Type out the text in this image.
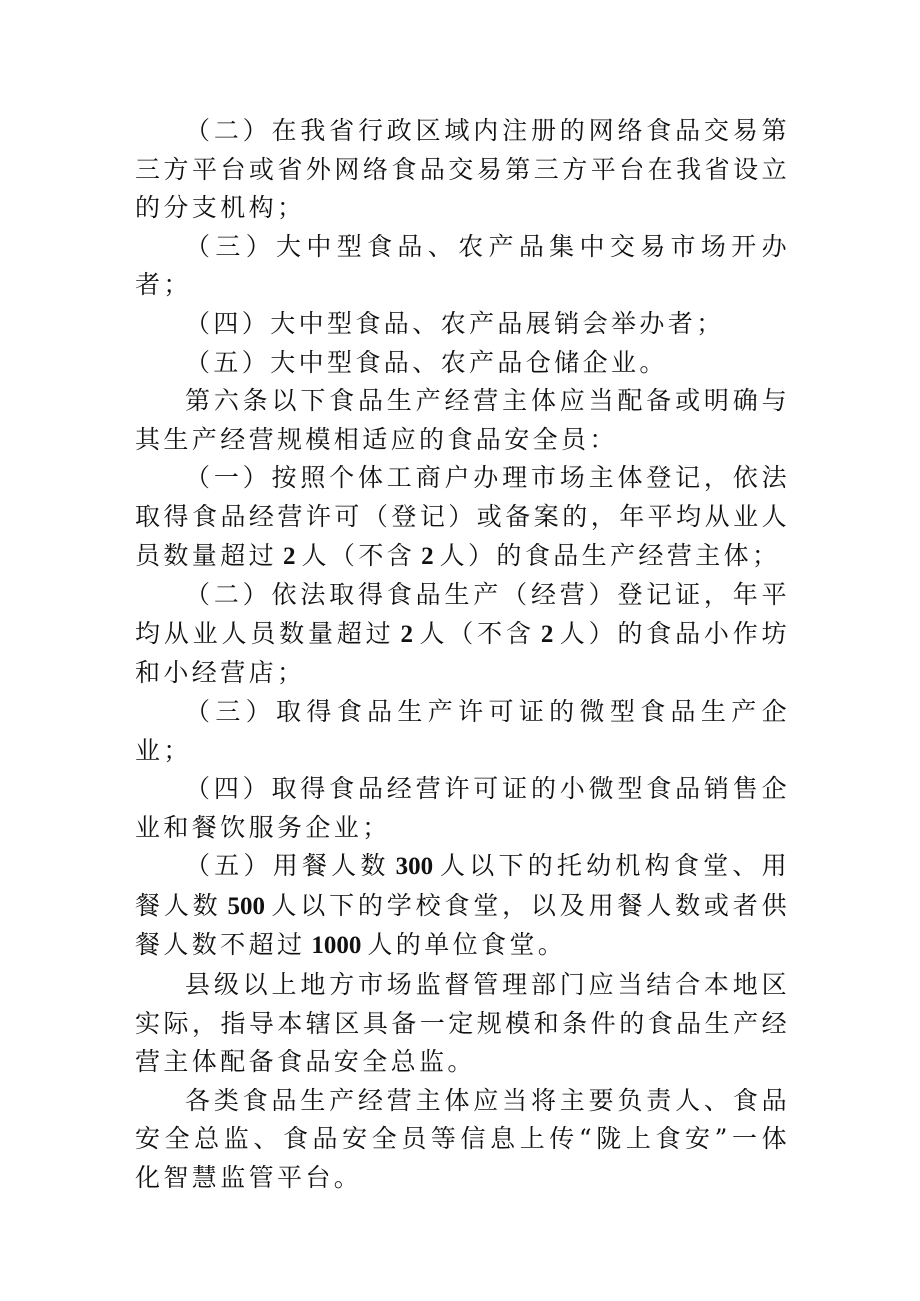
（二）在我省行政区域内注册的网络食品交易第三方平台或省外网络食品交易第三方平台在我省设立的分支机构；

（三）大中型食品、农产品集中交易市场开办者；

（四）大中型食品、农产品展销会举办者；

（五）大中型食品、农产品仓储企业。

第六条以下食品生产经营主体应当配备或明确与其生产经营规模相适应的食品安全员：

（一）按照个体工商户办理市场主体登记，依法取得食品经营许可（登记）或备案的，年平均从业人员数量超过 2 人（不含 2 人）的食品生产经营主体；

（二）依法取得食品生产（经营）登记证，年平均从业人员数量超过 2 人（不含 2 人）的食品小作坊和小经营店；

（三）取得食品生产许可证的微型食品生产企业；

（四）取得食品经营许可证的小微型食品销售企业和餐饮服务企业；

（五）用餐人数 300 人以下的托幼机构食堂、用餐人数 500 人以下的学校食堂，以及用餐人数或者供餐人数不超过 1000 人的单位食堂。

县级以上地方市场监督管理部门应当结合本地区实际，指导本辖区具备一定规模和条件的食品生产经营主体配备食品安全总监。

各类食品生产经营主体应当将主要负责人、食品安全总监、食品安全员等信息上传“陇上食安”一体化智慧监管平台。
